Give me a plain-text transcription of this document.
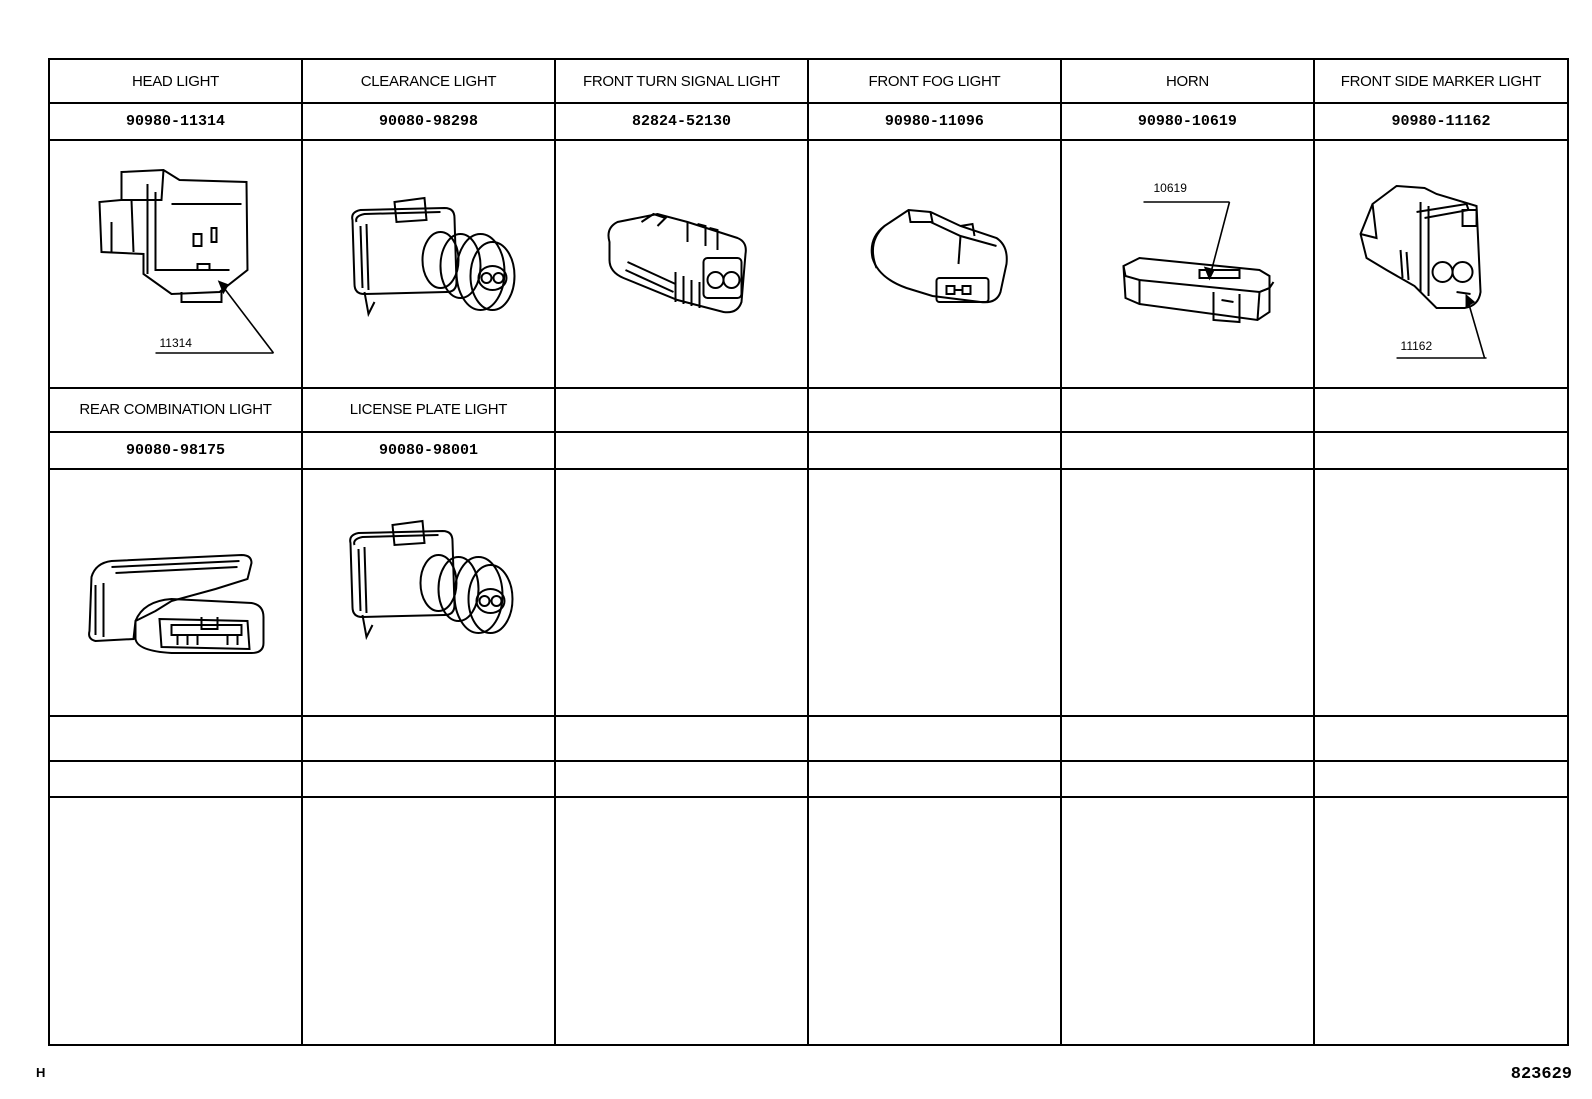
HEAD LIGHT	CLEARANCE LIGHT	FRONT TURN SIGNAL LIGHT	FRONT FOG LIGHT	HORN	FRONT SIDE MARKER LIGHT
90980-11314	90080-98298	82824-52130	90980-11096	90980-10619	90980-11162

11314				10619	11162

REAR COMBINATION LIGHT	LICENSE PLATE LIGHT				
90080-98175	90080-98001				

H	823629
